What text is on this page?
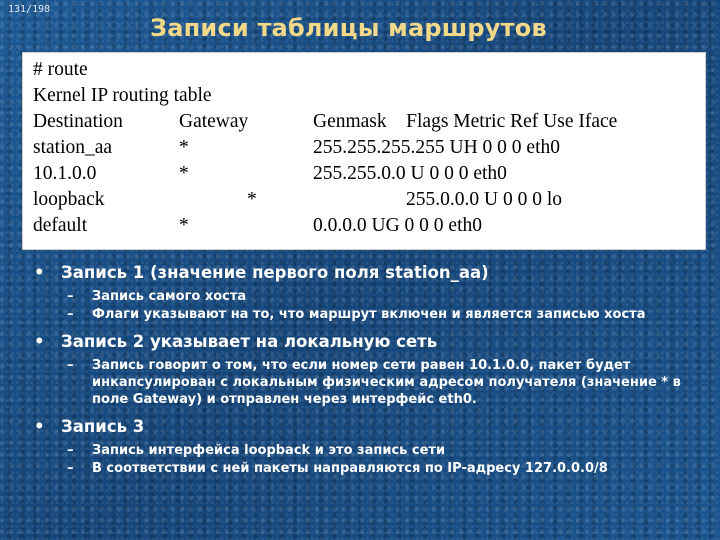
131/198
Записи таблицы маршрутов
# route
Kernel IP routing table
Destination	Gateway	Genmask    Flags Metric Ref Use Iface
station_aa	*	255.255.255.255 UH 0 0 0 eth0
10.1.0.0	*	255.255.0.0 U 0 0 0 eth0
loopback	*	255.0.0.0 U 0 0 0 lo
default	*	0.0.0.0 UG 0 0 0 eth0
• Запись 1 (значение первого поля station_aa)
– Запись самого хоста
– Флаги указывают на то, что маршрут включен и является записью хоста
• Запись 2 указывает на локальную сеть
– Запись говорит о том, что если номер сети равен 10.1.0.0, пакет будет инкапсулирован с локальным физическим адресом получателя (значение * в поле Gateway) и отправлен через интерфейс eth0.
• Запись 3
– Запись интерфейса loopback и это запись сети
– В соответствии с ней пакеты направляются по IP-адресу 127.0.0.0/8
